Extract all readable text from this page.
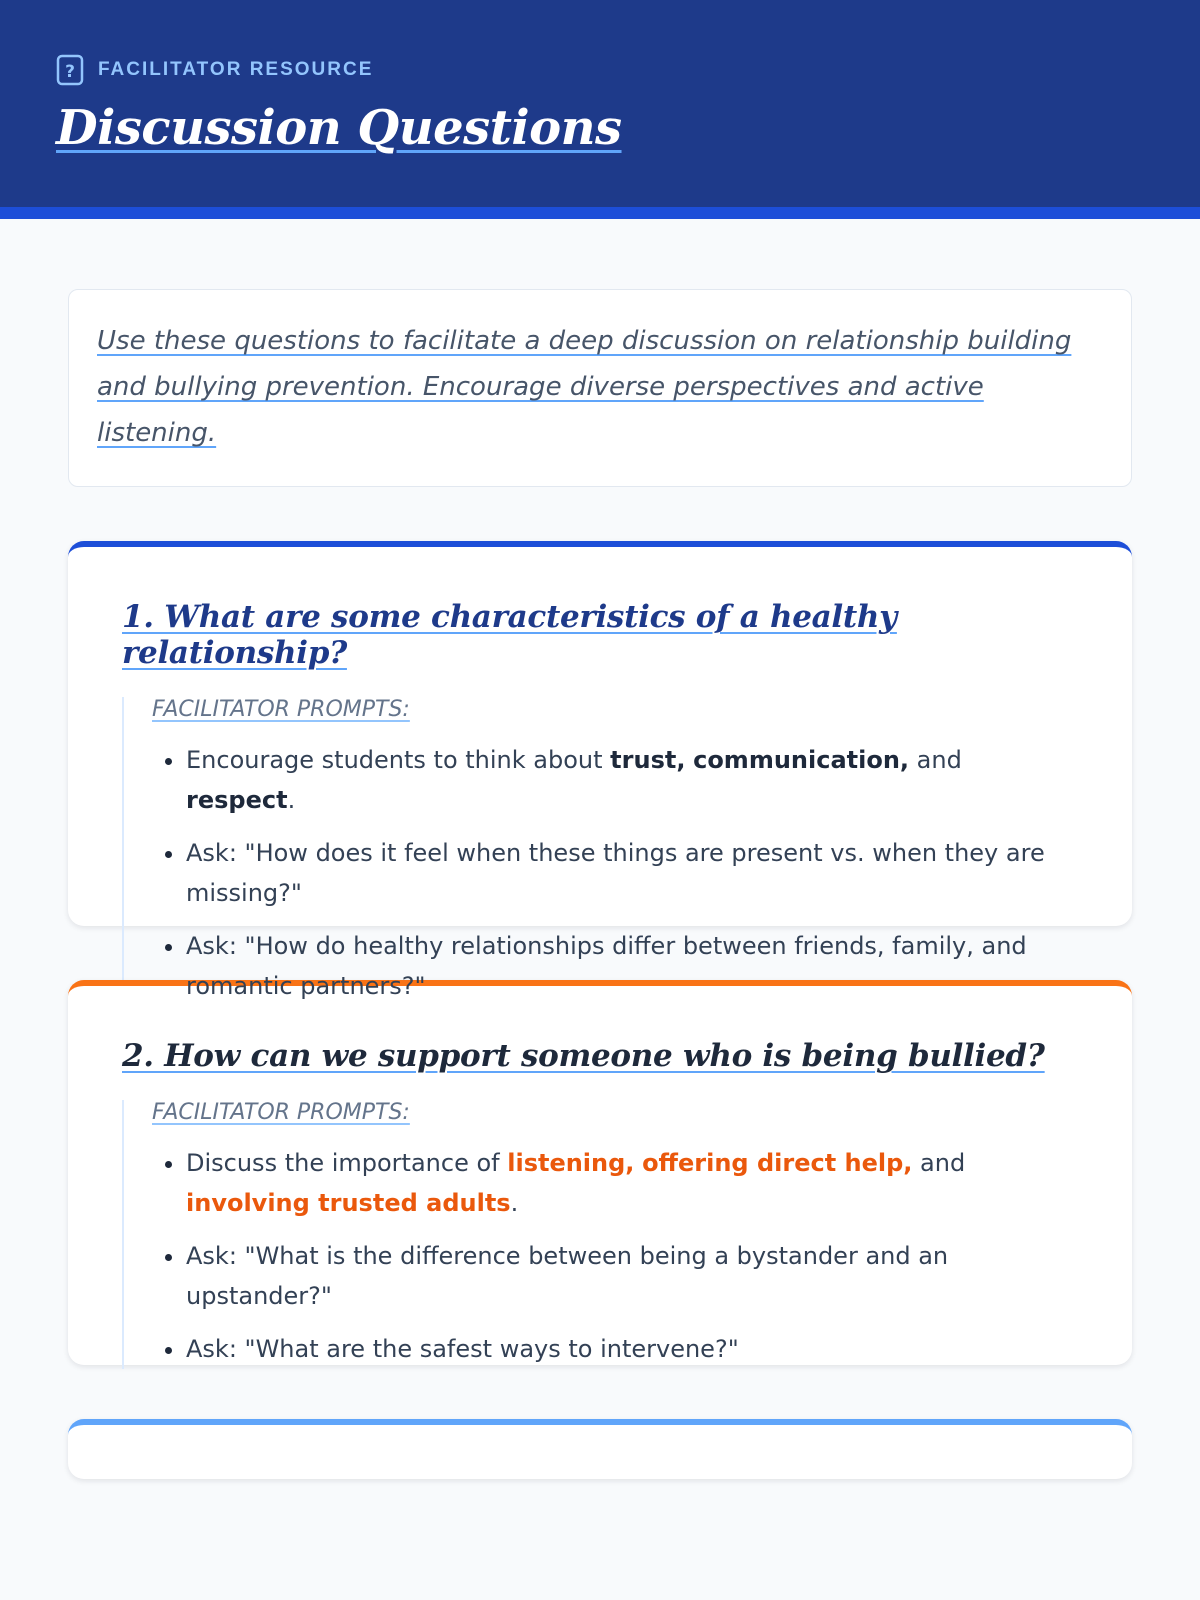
? FACILITATOR RESOURCE
Discussion Questions
Use these questions to facilitate a deep discussion on relationship building and bullying prevention. Encourage diverse perspectives and active listening.
1. What are some characteristics of a healthy relationship?
FACILITATOR PROMPTS:
• Encourage students to think about trust, communication, and respect.
• Ask: "How does it feel when these things are present vs. when they are missing?"
• Ask: "How do healthy relationships differ between friends, family, and romantic partners?"
2. How can we support someone who is being bullied?
FACILITATOR PROMPTS:
• Discuss the importance of listening, offering direct help, and involving trusted adults.
• Ask: "What is the difference between being a bystander and an upstander?"
• Ask: "What are the safest ways to intervene?"
